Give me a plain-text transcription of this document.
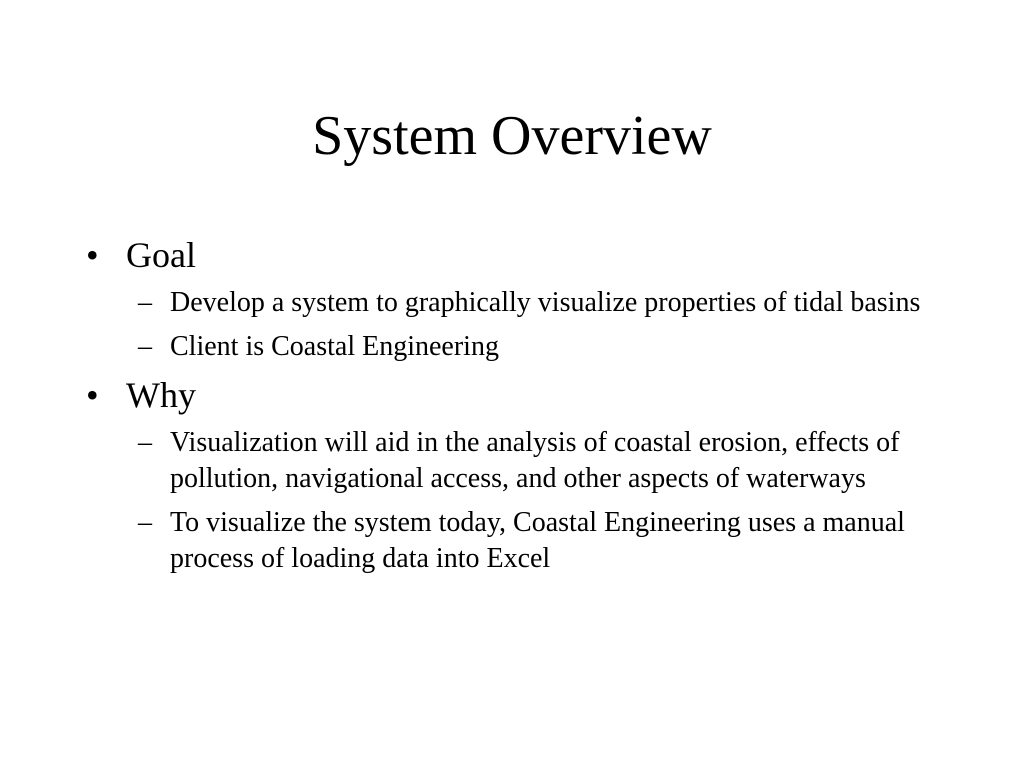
System Overview
• Goal
– Develop a system to graphically visualize properties of tidal basins
– Client is Coastal Engineering
• Why
– Visualization will aid in the analysis of coastal erosion, effects of pollution, navigational access, and other aspects of waterways
– To visualize the system today, Coastal Engineering uses a manual process of loading data into Excel
